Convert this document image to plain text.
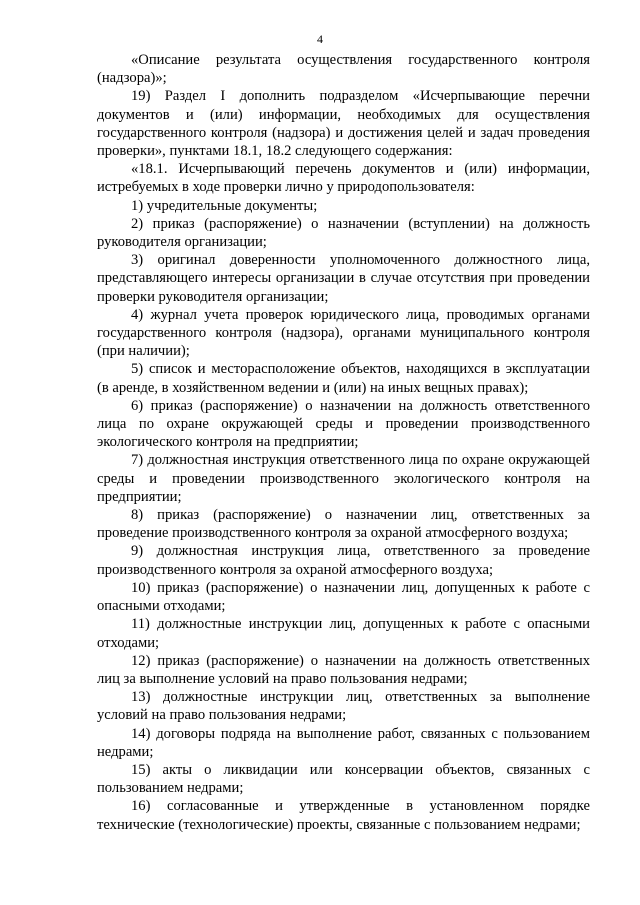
4

«Описание результата осуществления государственного контроля (надзора)»;

19) Раздел I дополнить подразделом «Исчерпывающие перечни документов и (или) информации, необходимых для осуществления государственного контроля (надзора) и достижения целей и задач проведения проверки», пунктами 18.1, 18.2 следующего содержания:

«18.1. Исчерпывающий перечень документов и (или) информации, истребуемых в ходе проверки лично у природопользователя:

1) учредительные документы;

2) приказ (распоряжение) о назначении (вступлении) на должность руководителя организации;

3) оригинал доверенности уполномоченного должностного лица, представляющего интересы организации в случае отсутствия при проведении проверки руководителя организации;

4) журнал учета проверок юридического лица, проводимых органами государственного контроля (надзора), органами муниципального контроля (при наличии);

5) список и месторасположение объектов, находящихся в эксплуатации (в аренде, в хозяйственном ведении и (или) на иных вещных правах);

6) приказ (распоряжение) о назначении на должность ответственного лица по охране окружающей среды и проведении производственного экологического контроля на предприятии;

7) должностная инструкция ответственного лица по охране окружающей среды и проведении производственного экологического контроля на предприятии;

8) приказ (распоряжение) о назначении лиц, ответственных за проведение производственного контроля за охраной атмосферного воздуха;

9) должностная инструкция лица, ответственного за проведение производственного контроля за охраной атмосферного воздуха;

10) приказ (распоряжение) о назначении лиц, допущенных к работе с опасными отходами;

11) должностные инструкции лиц, допущенных к работе с опасными отходами;

12) приказ (распоряжение) о назначении на должность ответственных лиц за выполнение условий на право пользования недрами;

13) должностные инструкции лиц, ответственных за выполнение условий на право пользования недрами;

14) договоры подряда на выполнение работ, связанных с пользованием недрами;

15) акты о ликвидации или консервации объектов, связанных с пользованием недрами;

16) согласованные и утвержденные в установленном порядке технические (технологические) проекты, связанные с пользованием недрами;
